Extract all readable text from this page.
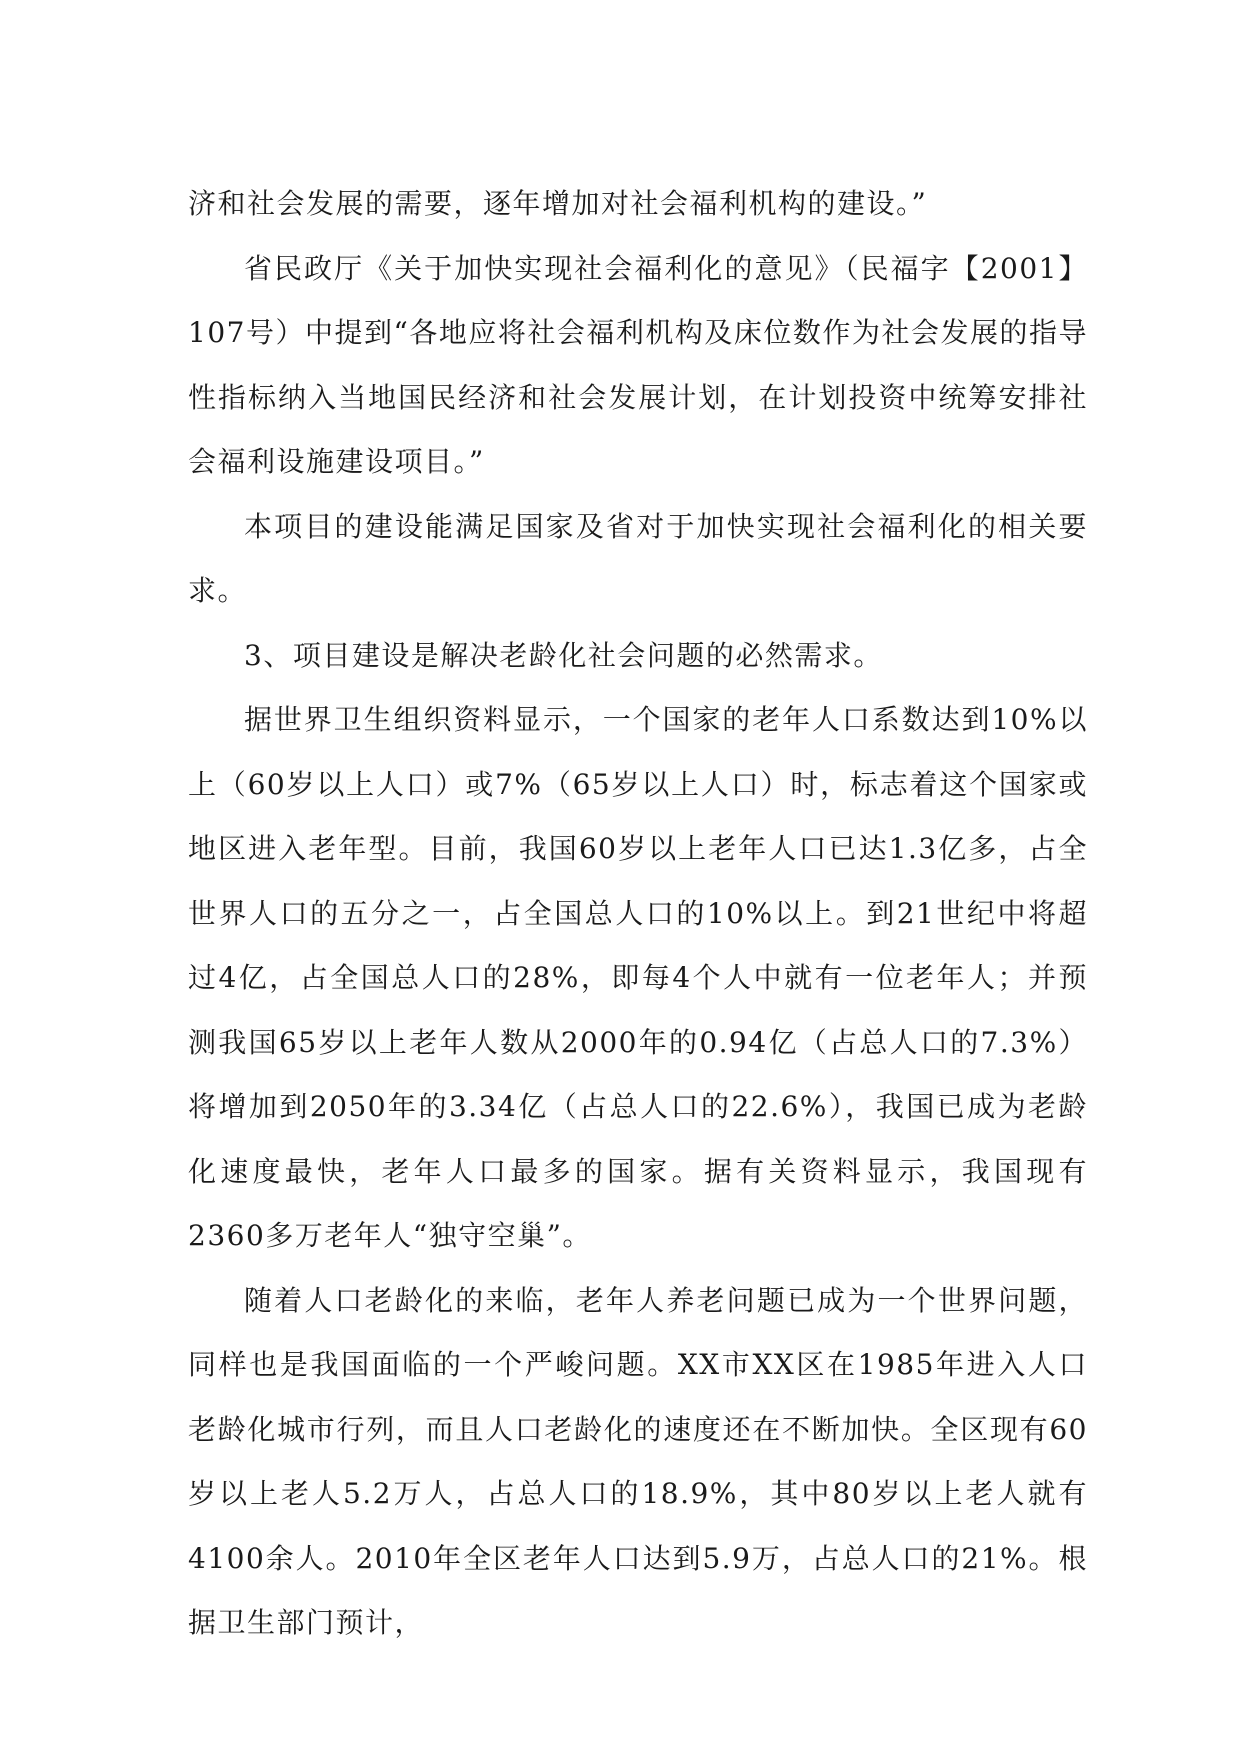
济和社会发展的需要，逐年增加对社会福利机构的建设。”

省民政厅《关于加快实现社会福利化的意见》（民福字【2001】107号）中提到“各地应将社会福利机构及床位数作为社会发展的指导性指标纳入当地国民经济和社会发展计划，在计划投资中统筹安排社会福利设施建设项目。”

本项目的建设能满足国家及省对于加快实现社会福利化的相关要求。

3、项目建设是解决老龄化社会问题的必然需求。

据世界卫生组织资料显示，一个国家的老年人口系数达到10%以上（60岁以上人口）或7%（65岁以上人口）时，标志着这个国家或地区进入老年型。目前，我国60岁以上老年人口已达1.3亿多，占全世界人口的五分之一，占全国总人口的10%以上。到21世纪中将超过4亿，占全国总人口的28%，即每4个人中就有一位老年人；并预测我国65岁以上老年人数从2000年的0.94亿（占总人口的7.3%）将增加到2050年的3.34亿（占总人口的22.6%），我国已成为老龄化速度最快，老年人口最多的国家。据有关资料显示，我国现有2360多万老年人“独守空巢”。

随着人口老龄化的来临，老年人养老问题已成为一个世界问题，同样也是我国面临的一个严峻问题。XX市XX区在1985年进入人口老龄化城市行列，而且人口老龄化的速度还在不断加快。全区现有60岁以上老人5.2万人，占总人口的18.9%，其中80岁以上老人就有4100余人。2010年全区老年人口达到5.9万，占总人口的21%。根据卫生部门预计，
